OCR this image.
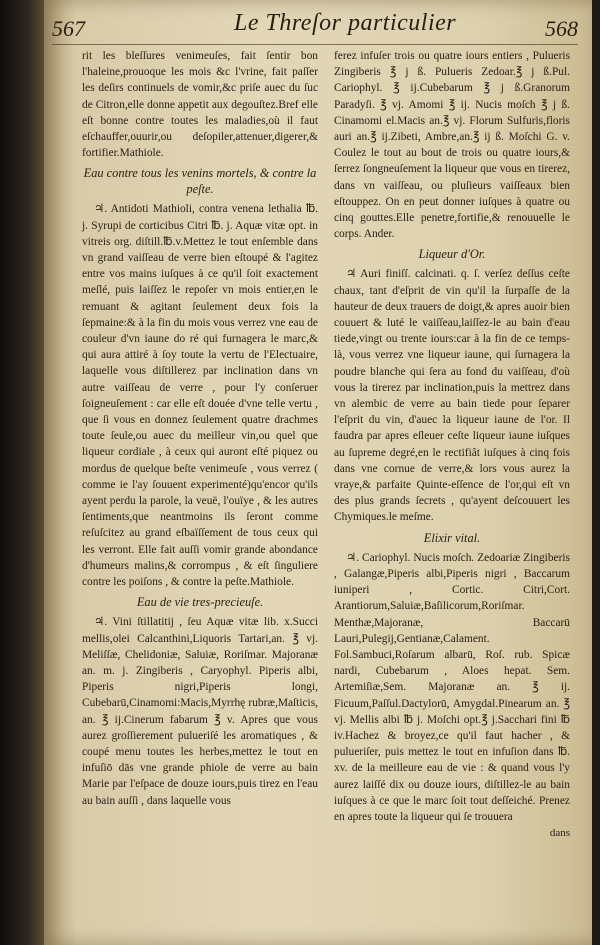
567	Le Threſor particulier	568

rit les bleſſures venimeuſes, fait ſentir bon l'haleine,prouoque les mois &c l'vrine, fait paſſer les deſirs continuels de vomir,&c priſe auec du ſuc de Citron,elle donne appetit aux degouſtez.Bref elle eſt bonne contre toutes les maladies,où il faut eſchauffer,ouurir,ou deſopiler,attenuer,digerer,& fortifier.Mathiole.

Eau contre tous les venins mortels, & contre la peſte.

♃. Antidoti Mathioli, contra venena lethalia ℔. j. Syrupi de corticibus Citri ℔. j. Aquæ vitæ opt. in vitreis org. diſtill.℔.v.Mettez le tout enſemble dans vn grand vaiſſeau de verre bien eſtoupé & l'agitez entre vos mains iuſques à ce qu'il ſoit exactement meſlé, puis laiſſez le repoſer vn mois entier,en le remuant & agitant ſeulement deux fois la ſepmaine:& à la fin du mois vous verrez vne eau de couleur d'vn iaune do ré qui furnagera le marc,& qui aura attiré à ſoy toute la vertu de l'Electuaire, laquelle vous diſtillerez par inclination dans vn autre vaiſſeau de verre , pour l'y conſeruer ſoigneuſement : car elle eſt douée d'vne telle vertu , que ſi vous en donnez ſeulement quatre drachmes toute ſeule,ou auec du meilleur vin,ou quel que liqueur cordiale , à ceux qui auront eſté piquez ou mordus de quelque beſte venimeuſe , vous verrez ( comme ie l'ay ſouuent experimenté)qu'encor qu'ils ayent perdu la parole, la veuë, l'ouïye , & les autres ſentiments,que neantmoins ils ſeront comme reſuſcitez au grand eſbaïſſement de tous ceux qui les verront. Elle fait auſſi vomir grande abondance d'humeurs malins,& corrompus , & eſt ſinguliere contre les poiſons , & contre la peſte.Mathiole.

Eau de vie tres-precieuſe.

♃. Vini ſtillatitij , ſeu Aquæ vitæ lib. x.Succi mellis,olei Calcanthini,Liquoris Tartari,an. ℥ vj. Meliſſæ, Chelidoniæ, Saluiæ, Roriſmar. Majoranæ an. m. j. Zingiberis , Caryophyl. Piperis albi, Piperis nigri,Piperis longi, Cubebarū,Cinamomi:Macis,Myrrhę rubræ,Maſticis, an. ℥ ij.Cinerum fabarum ℥ v. Apres que vous aurez groſſierement pulueriſé les aromatiques , & coupé menu toutes les herbes,mettez le tout en infuſiō dās vne grande phiole de verre au bain Marie par l'eſpace de douze iours,puis tirez en l'eau au bain auſſi , dans laquelle vous

ferez infuſer trois ou quatre iours entiers , Pulueris Zingiberis ℥ j ß. Pulueris Zedoar.℥ j ß.Pul. Cariophyl. ℥ ij.Cubebarum ℥ j ß.Granorum Paradyſi. ℥ vj. Amomi ℥ ij. Nucis moſch ℥ j ß. Cinamomi el.Macis an.℥ vj. Florum Sulfuris,floris auri an.℥ ij.Zibeti, Ambre,an.℥ ij ß. Moſchi G. v. Coulez le tout au bout de trois ou quatre iours,& ſerrez ſongneuſement la liqueur que vous en tirerez, dans vn vaiſſeau, ou pluſieurs vaiſſeaux bien eſtouppez. On en peut donner iuſques à quatre ou cinq gouttes.Elle penetre,fortifie,& renouuelle le corps. Ander.

Liqueur d'Or.

♃ Auri finiſſ. calcinati. q. ſ. verſez deſſus ceſte chaux, tant d'eſprit de vin qu'il la ſurpaſſe de la hauteur de deux trauers de doigt,& apres auoir bien couuert & luté le vaiſſeau,laiſſez-le au bain d'eau tiede,vingt ou trente iours:car à la fin de ce temps-là, vous verrez vne liqueur iaune, qui ſurnagera la poudre blanche qui ſera au fond du vaiſſeau, d'où vous la tirerez par inclination,puis la mettrez dans vn alembic de verre au bain tiede pour ſeparer l'eſprit du vin, d'auec la liqueur iaune de l'or. Il faudra par apres eſleuer ceſte liqueur iaune iuſques au ſupreme degré,en le rectifiât iuſques à cinq fois dans vne cornue de verre,& lors vous aurez la vraye,& parfaite Quinte-eſſence de l'or,qui eſt vn des plus grands ſecrets , qu'ayent deſcouuert les Chymiques.le meſme.

Elixir vital.

♃. Cariophyl. Nucis moſch. Zedoariæ Zingiberis , Galangæ,Piperis albi,Piperis nigri , Baccarum iuniperi , Cortic. Citri,Cort. Arantiorum,Saluiæ,Baſilicorum,Roriſmar. Menthæ,Majoranæ, Baccarū Lauri,Pulegij,Gentianæ,Calament. Fol.Sambuci,Roſarum albarū, Roſ. rub. Spicæ nardi, Cubebarum , Aloes hepat. Sem. Artemiſiæ,Sem. Majoranæ an. ℥ ij. Ficuum,Paſſul.Dactylorū, Amygdal.Pinearum an. ℥ vj. Mellis albi ℔ j. Moſchi opt.℥ j.Sacchari fini ℔ iv.Hachez & broyez,ce qu'il faut hacher , & pulueriſer, puis mettez le tout en infuſion dans ℔. xv. de la meilleure eau de vie : & quand vous l'y aurez laiſſé dix ou douze iours, diſtillez-le au bain iuſques à ce que le marc ſoit tout deſſeiché. Prenez en apres toute la liqueur qui ſe trouuera

dans
